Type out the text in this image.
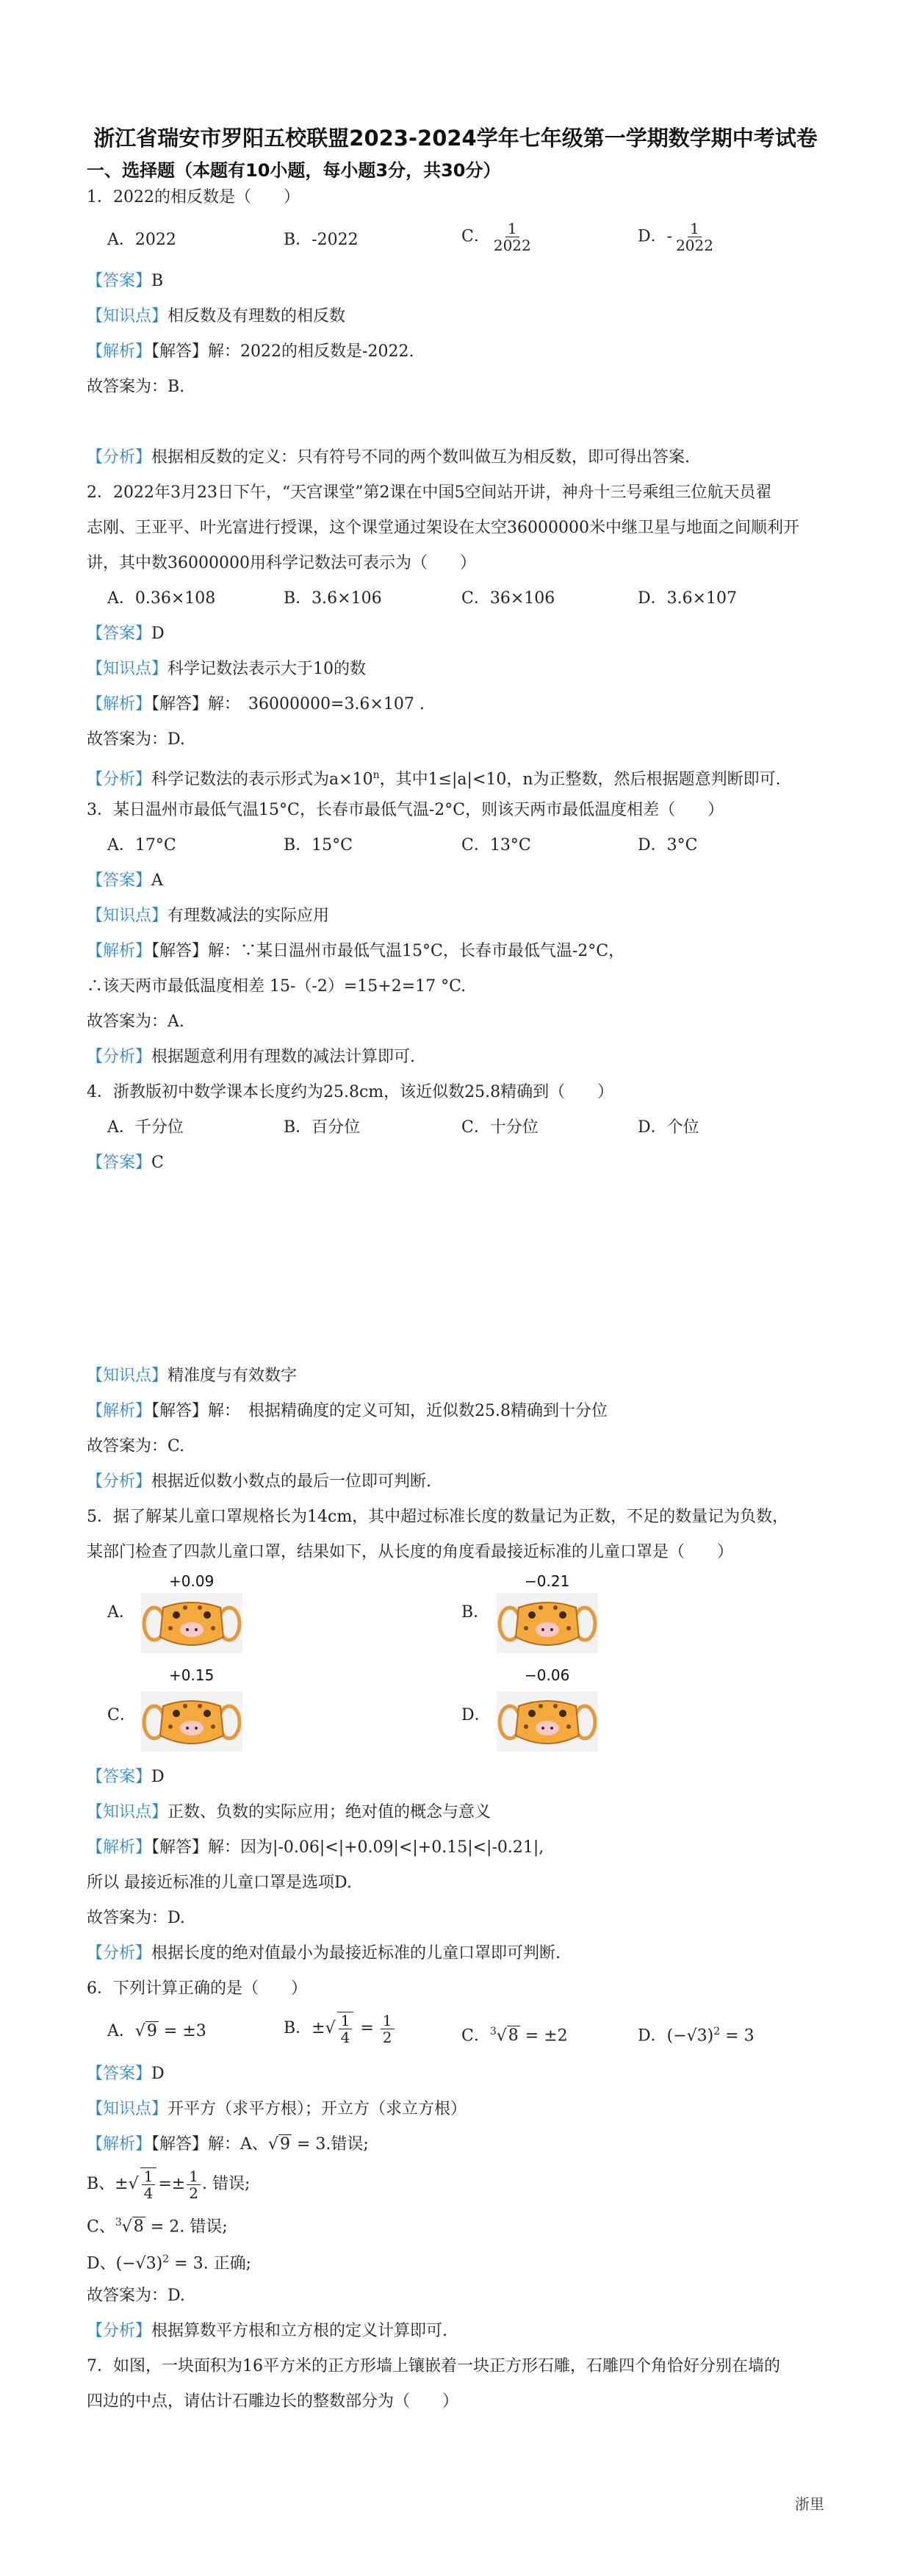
浙江省瑞安市罗阳五校联盟2023-2024学年七年级第一学期数学期中考试卷
一、选择题（本题有10小题，每小题3分，共30分）
1．2022的相反数是（　　）
A．2022	B．-2022	C． $\frac{1}{2022}$	D．- $\frac{1}{2022}$
【答案】B
【知识点】相反数及有理数的相反数
【解析】【解答】解：2022的相反数是-2022.
故答案为：B.
【分析】根据相反数的定义：只有符号不同的两个数叫做互为相反数，即可得出答案.
2．2022年3月23日下午，“天宫课堂”第2课在中国5空间站开讲，神舟十三号乘组三位航天员翟
志刚、王亚平、叶光富进行授课，这个课堂通过架设在太空36000000米中继卫星与地面之间顺利开
讲，其中数36000000用科学记数法可表示为（　　）
A．0.36×108	B．3.6×106	C．36×106	D．3.6×107
【答案】D
【知识点】科学记数法表示大于10的数
【解析】【解答】解：　36000000=3.6×107 .
故答案为：D.
【分析】科学记数法的表示形式为$a\times 10^n$，其中1≤|a|<10，n为正整数，然后根据题意判断即可.
3．某日温州市最低气温15°C，长春市最低气温-2°C，则该天两市最低温度相差（　　）
A．17°C	B．15°C	C．13°C	D．3°C
【答案】A
【知识点】有理数减法的实际应用
【解析】【解答】解：∵某日温州市最低气温15°C，长春市最低气温-2°C，
∴该天两市最低温度相差 15-（-2）=15+2=17 °C.
故答案为：A.
【分析】根据题意利用有理数的减法计算即可.
4．浙教版初中数学课本长度约为25.8cm，该近似数25.8精确到（　　）
A．千分位	B．百分位	C．十分位	D．个位
【答案】C
【知识点】精准度与有效数字
【解析】【解答】解：　根据精确度的定义可知，近似数25.8精确到十分位
故答案为：C.
【分析】根据近似数小数点的最后一位即可判断.
5．据了解某儿童口罩规格长为14cm，其中超过标准长度的数量记为正数，不足的数量记为负数，
某部门检查了四款儿童口罩，结果如下，从长度的角度看最接近标准的儿童口罩是（　　）
+0.09
A．
−0.21
B．
+0.15
C．
−0.06
D．
【答案】D
【知识点】正数、负数的实际应用；绝对值的概念与意义
【解析】【解答】解：因为|-0.06|<|+0.09|<|+0.15|<|-0.21|,
所以 最接近标准的儿童口罩是选项D.
故答案为：D.
【分析】根据长度的绝对值最小为最接近标准的儿童口罩即可判断.
6．下列计算正确的是（　　）
A．√9 = ±3	B．±√ $\frac{1}{4} = \frac{1}{2}$	C．$^3$√8 = ±2	D．$(-√3)^2 = 3$
【答案】D
【知识点】开平方（求平方根）；开立方（求立方根）
【解析】【解答】解：A、√9 = 3.错误;
B、±√ $\frac{1}{4} =\pm \frac{1}{2}$ . 错误;
C、$^3$√8 = 2. 错误;
D、$(-√3)^2 = 3$. 正确;
故答案为：D.
【分析】根据算数平方根和立方根的定义计算即可.
7．如图，一块面积为16平方米的正方形墙上镶嵌着一块正方形石雕，石雕四个角恰好分别在墙的
四边的中点，请估计石雕边长的整数部分为（　　）
浙里
